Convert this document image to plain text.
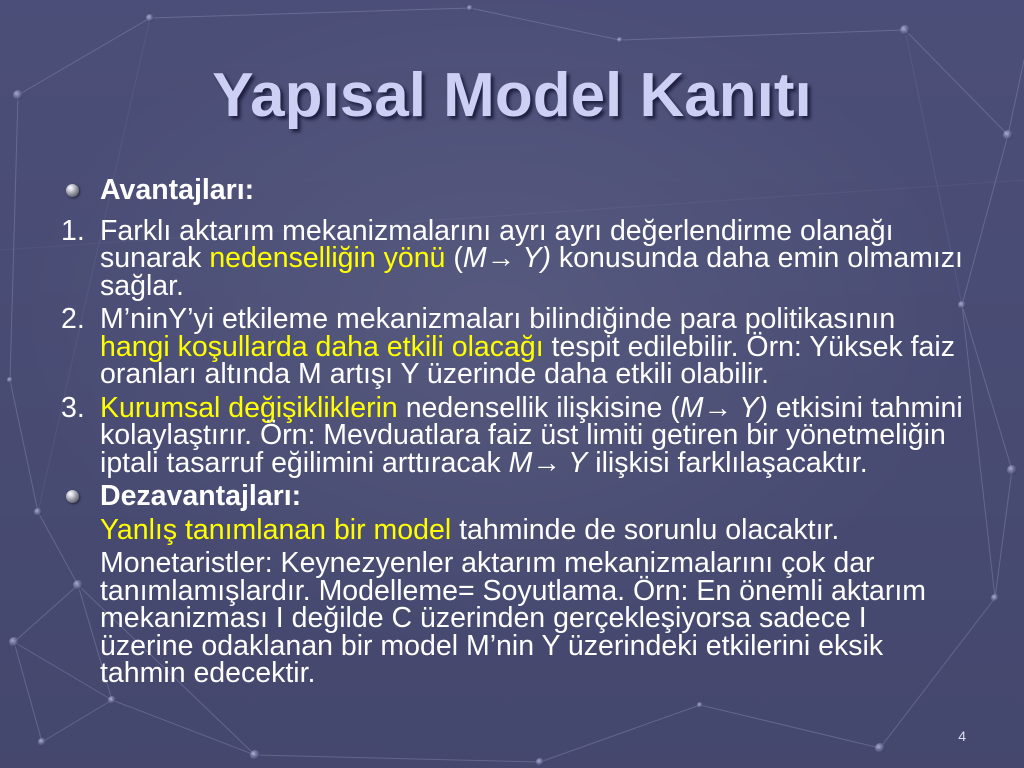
Yapısal Model Kanıtı
Avantajları:
1. Farklı aktarım mekanizmalarını ayrı ayrı değerlendirme olanağı
sunarak nedenselliğin yönü (M→ Y) konusunda daha emin olmamızı
sağlar.
2. M’ninY’yi etkileme mekanizmaları bilindiğinde para politikasının
hangi koşullarda daha etkili olacağı tespit edilebilir. Örn: Yüksek faiz
oranları altında M artışı Y üzerinde daha etkili olabilir.
3. Kurumsal değişikliklerin nedensellik ilişkisine (M→ Y) etkisini tahmini
kolaylaştırır. Örn: Mevduatlara faiz üst limiti getiren bir yönetmeliğin
iptali tasarruf eğilimini arttıracak M→ Y ilişkisi farklılaşacaktır.
Dezavantajları:
Yanlış tanımlanan bir model tahminde de sorunlu olacaktır.
Monetaristler: Keynezyenler aktarım mekanizmalarını çok dar
tanımlamışlardır. Modelleme= Soyutlama. Örn: En önemli aktarım
mekanizması I değilde C üzerinden gerçekleşiyorsa sadece I
üzerine odaklanan bir model M’nin Y üzerindeki etkilerini eksik
tahmin edecektir.
4
